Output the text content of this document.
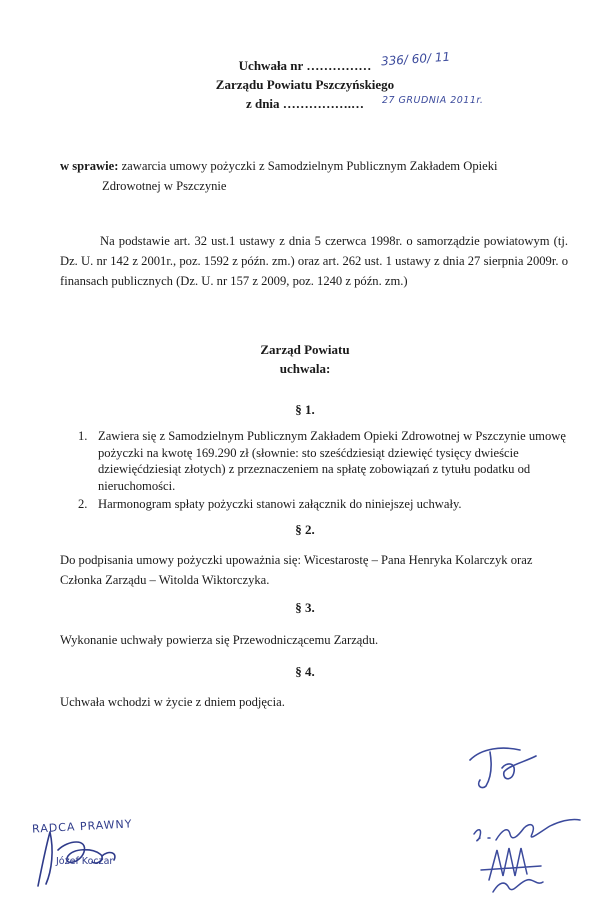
Uchwała nr …………… 336/ 60/ 11

Zarządu Powiatu Pszczyńskiego
z dnia …………….… 27 GRUDNIA 2011r.
w sprawie: zawarcia umowy pożyczki z Samodzielnym Publicznym Zakładem Opieki
Zdrowotnej w Pszczynie
Na podstawie art. 32 ust.1 ustawy z dnia 5 czerwca 1998r. o samorządzie powiatowym (tj. Dz. U. nr 142 z 2001r., poz. 1592 z późn. zm.) oraz art. 262 ust. 1 ustawy z dnia 27 sierpnia 2009r. o finansach publicznych (Dz. U. nr 157 z 2009, poz. 1240 z późn. zm.)
Zarząd Powiatu
uchwala:
§ 1.
1. Zawiera się z Samodzielnym Publicznym Zakładem Opieki Zdrowotnej w Pszczynie umowę pożyczki na kwotę 169.290 zł (słownie: sto sześćdziesiąt dziewięć tysięcy dwieście dziewięćdziesiąt złotych) z przeznaczeniem na spłatę zobowiązań z tytułu podatku od nieruchomości.
2. Harmonogram spłaty pożyczki stanowi załącznik do niniejszej uchwały.
§ 2.
Do podpisania umowy pożyczki upoważnia się: Wicestarostę – Pana Henryka Kolarczyk oraz Członka Zarządu – Witolda Wiktorczyka.
§ 3.
Wykonanie uchwały powierza się Przewodniczącemu Zarządu.
§ 4.
Uchwała wchodzi w życie z dniem podjęcia.
RADCA PRAWNY
Józef Koczar
